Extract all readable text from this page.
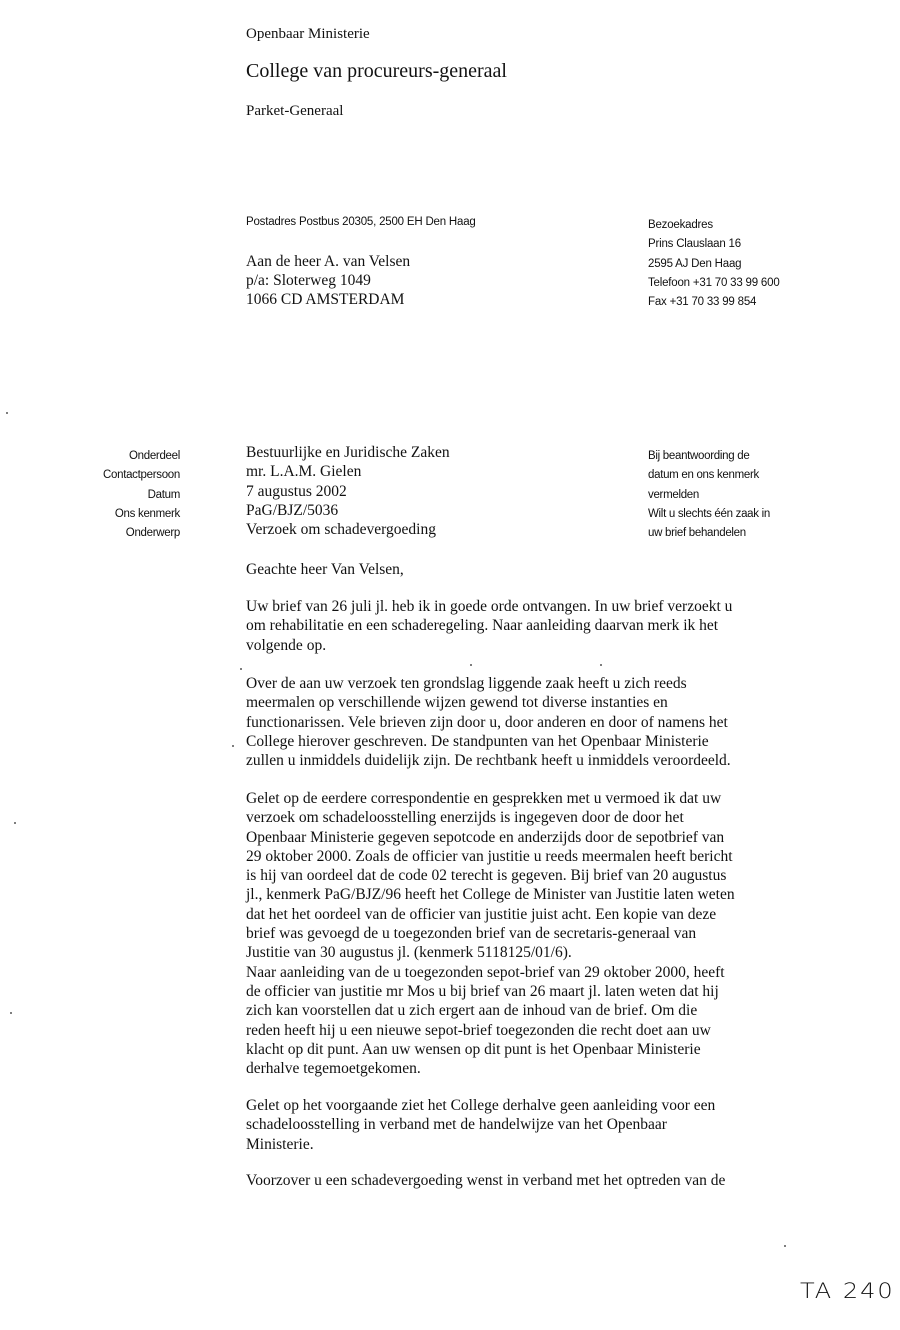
Openbaar Ministerie
College van procureurs-generaal
Parket-Generaal
Postadres Postbus 20305, 2500 EH Den Haag
Aan de heer A. van Velsen
p/a: Sloterweg 1049
1066 CD AMSTERDAM
Bezoekadres
Prins Clauslaan 16
2595 AJ Den Haag
Telefoon +31 70 33 99 600
Fax +31 70 33 99 854
Onderdeel
Contactpersoon
Datum
Ons kenmerk
Onderwerp
Bestuurlijke en Juridische Zaken
mr. L.A.M. Gielen
7 augustus 2002
PaG/BJZ/5036
Verzoek om schadevergoeding
Bij beantwoording de
datum en ons kenmerk
vermelden
Wilt u slechts één zaak in
uw brief behandelen
Geachte heer Van Velsen,
Uw brief van 26 juli jl. heb ik in goede orde ontvangen. In uw brief verzoekt u
om rehabilitatie en een schaderegeling. Naar aanleiding daarvan merk ik het
volgende op.
Over de aan uw verzoek ten grondslag liggende zaak heeft u zich reeds
meermalen op verschillende wijzen gewend tot diverse instanties en
functionarissen. Vele brieven zijn door u, door anderen en door of namens het
College hierover geschreven. De standpunten van het Openbaar Ministerie
zullen u inmiddels duidelijk zijn. De rechtbank heeft u inmiddels veroordeeld.
Gelet op de eerdere correspondentie en gesprekken met u vermoed ik dat uw
verzoek om schadeloosstelling enerzijds is ingegeven door de door het
Openbaar Ministerie gegeven sepotcode en anderzijds door de sepotbrief van
29 oktober 2000. Zoals de officier van justitie u reeds meermalen heeft bericht
is hij van oordeel dat de code 02 terecht is gegeven. Bij brief van 20 augustus
jl., kenmerk PaG/BJZ/96 heeft het College de Minister van Justitie laten weten
dat het het oordeel van de officier van justitie juist acht. Een kopie van deze
brief was gevoegd de u toegezonden brief van de secretaris-generaal van
Justitie van 30 augustus jl. (kenmerk 5118125/01/6).
Naar aanleiding van de u toegezonden sepot-brief van 29 oktober 2000, heeft
de officier van justitie mr Mos u bij brief van 26 maart jl. laten weten dat hij
zich kan voorstellen dat u zich ergert aan de inhoud van de brief. Om die
reden heeft hij u een nieuwe sepot-brief toegezonden die recht doet aan uw
klacht op dit punt. Aan uw wensen op dit punt is het Openbaar Ministerie
derhalve tegemoetgekomen.
Gelet op het voorgaande ziet het College derhalve geen aanleiding voor een
schadeloosstelling in verband met de handelwijze van het Openbaar
Ministerie.
Voorzover u een schadevergoeding wenst in verband met het optreden van de
TA 240
